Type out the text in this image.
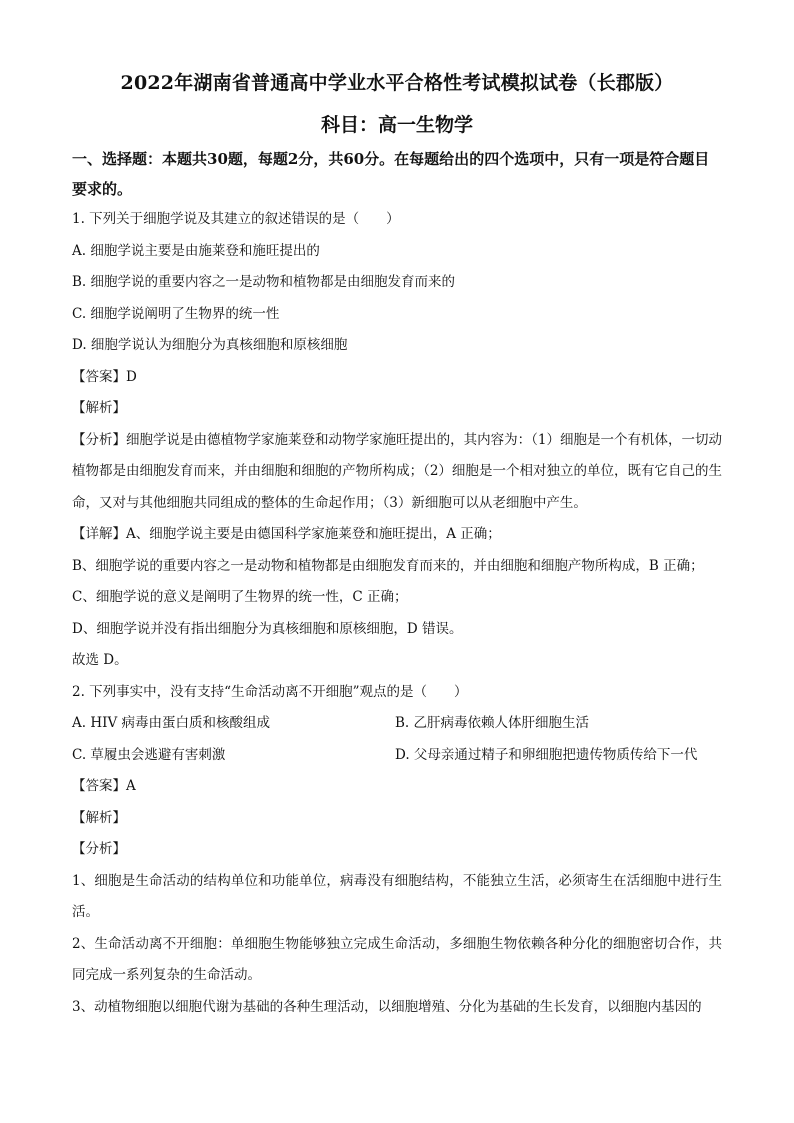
2022年湖南省普通高中学业水平合格性考试模拟试卷（长郡版）
科目：高一生物学

一、选择题：本题共30题，每题2分，共60分。在每题给出的四个选项中，只有一项是符合题目要求的。

1. 下列关于细胞学说及其建立的叙述错误的是（　　）

A. 细胞学说主要是由施莱登和施旺提出的

B. 细胞学说的重要内容之一是动物和植物都是由细胞发育而来的

C. 细胞学说阐明了生物界的统一性

D. 细胞学说认为细胞分为真核细胞和原核细胞

【答案】D

【解析】

【分析】细胞学说是由德植物学家施莱登和动物学家施旺提出的，其内容为：（1）细胞是一个有机体，一切动植物都是由细胞发育而来，并由细胞和细胞的产物所构成；（2）细胞是一个相对独立的单位，既有它自己的生命，又对与其他细胞共同组成的整体的生命起作用；（3）新细胞可以从老细胞中产生。

【详解】A、细胞学说主要是由德国科学家施莱登和施旺提出，A 正确；

B、细胞学说的重要内容之一是动物和植物都是由细胞发育而来的，并由细胞和细胞产物所构成，B 正确；

C、细胞学说的意义是阐明了生物界的统一性，C 正确；

D、细胞学说并没有指出细胞分为真核细胞和原核细胞，D 错误。

故选 D。

2. 下列事实中，没有支持“生命活动离不开细胞”观点的是（　　）

A. HIV 病毒由蛋白质和核酸组成	B. 乙肝病毒依赖人体肝细胞生活
C. 草履虫会逃避有害刺激	D. 父母亲通过精子和卵细胞把遗传物质传给下一代

【答案】A

【解析】

【分析】

1、细胞是生命活动的结构单位和功能单位，病毒没有细胞结构，不能独立生活，必须寄生在活细胞中进行生活。

2、生命活动离不开细胞：单细胞生物能够独立完成生命活动，多细胞生物依赖各种分化的细胞密切合作，共同完成一系列复杂的生命活动。

3、动植物细胞以细胞代谢为基础的各种生理活动，以细胞增殖、分化为基础的生长发育，以细胞内基因的
